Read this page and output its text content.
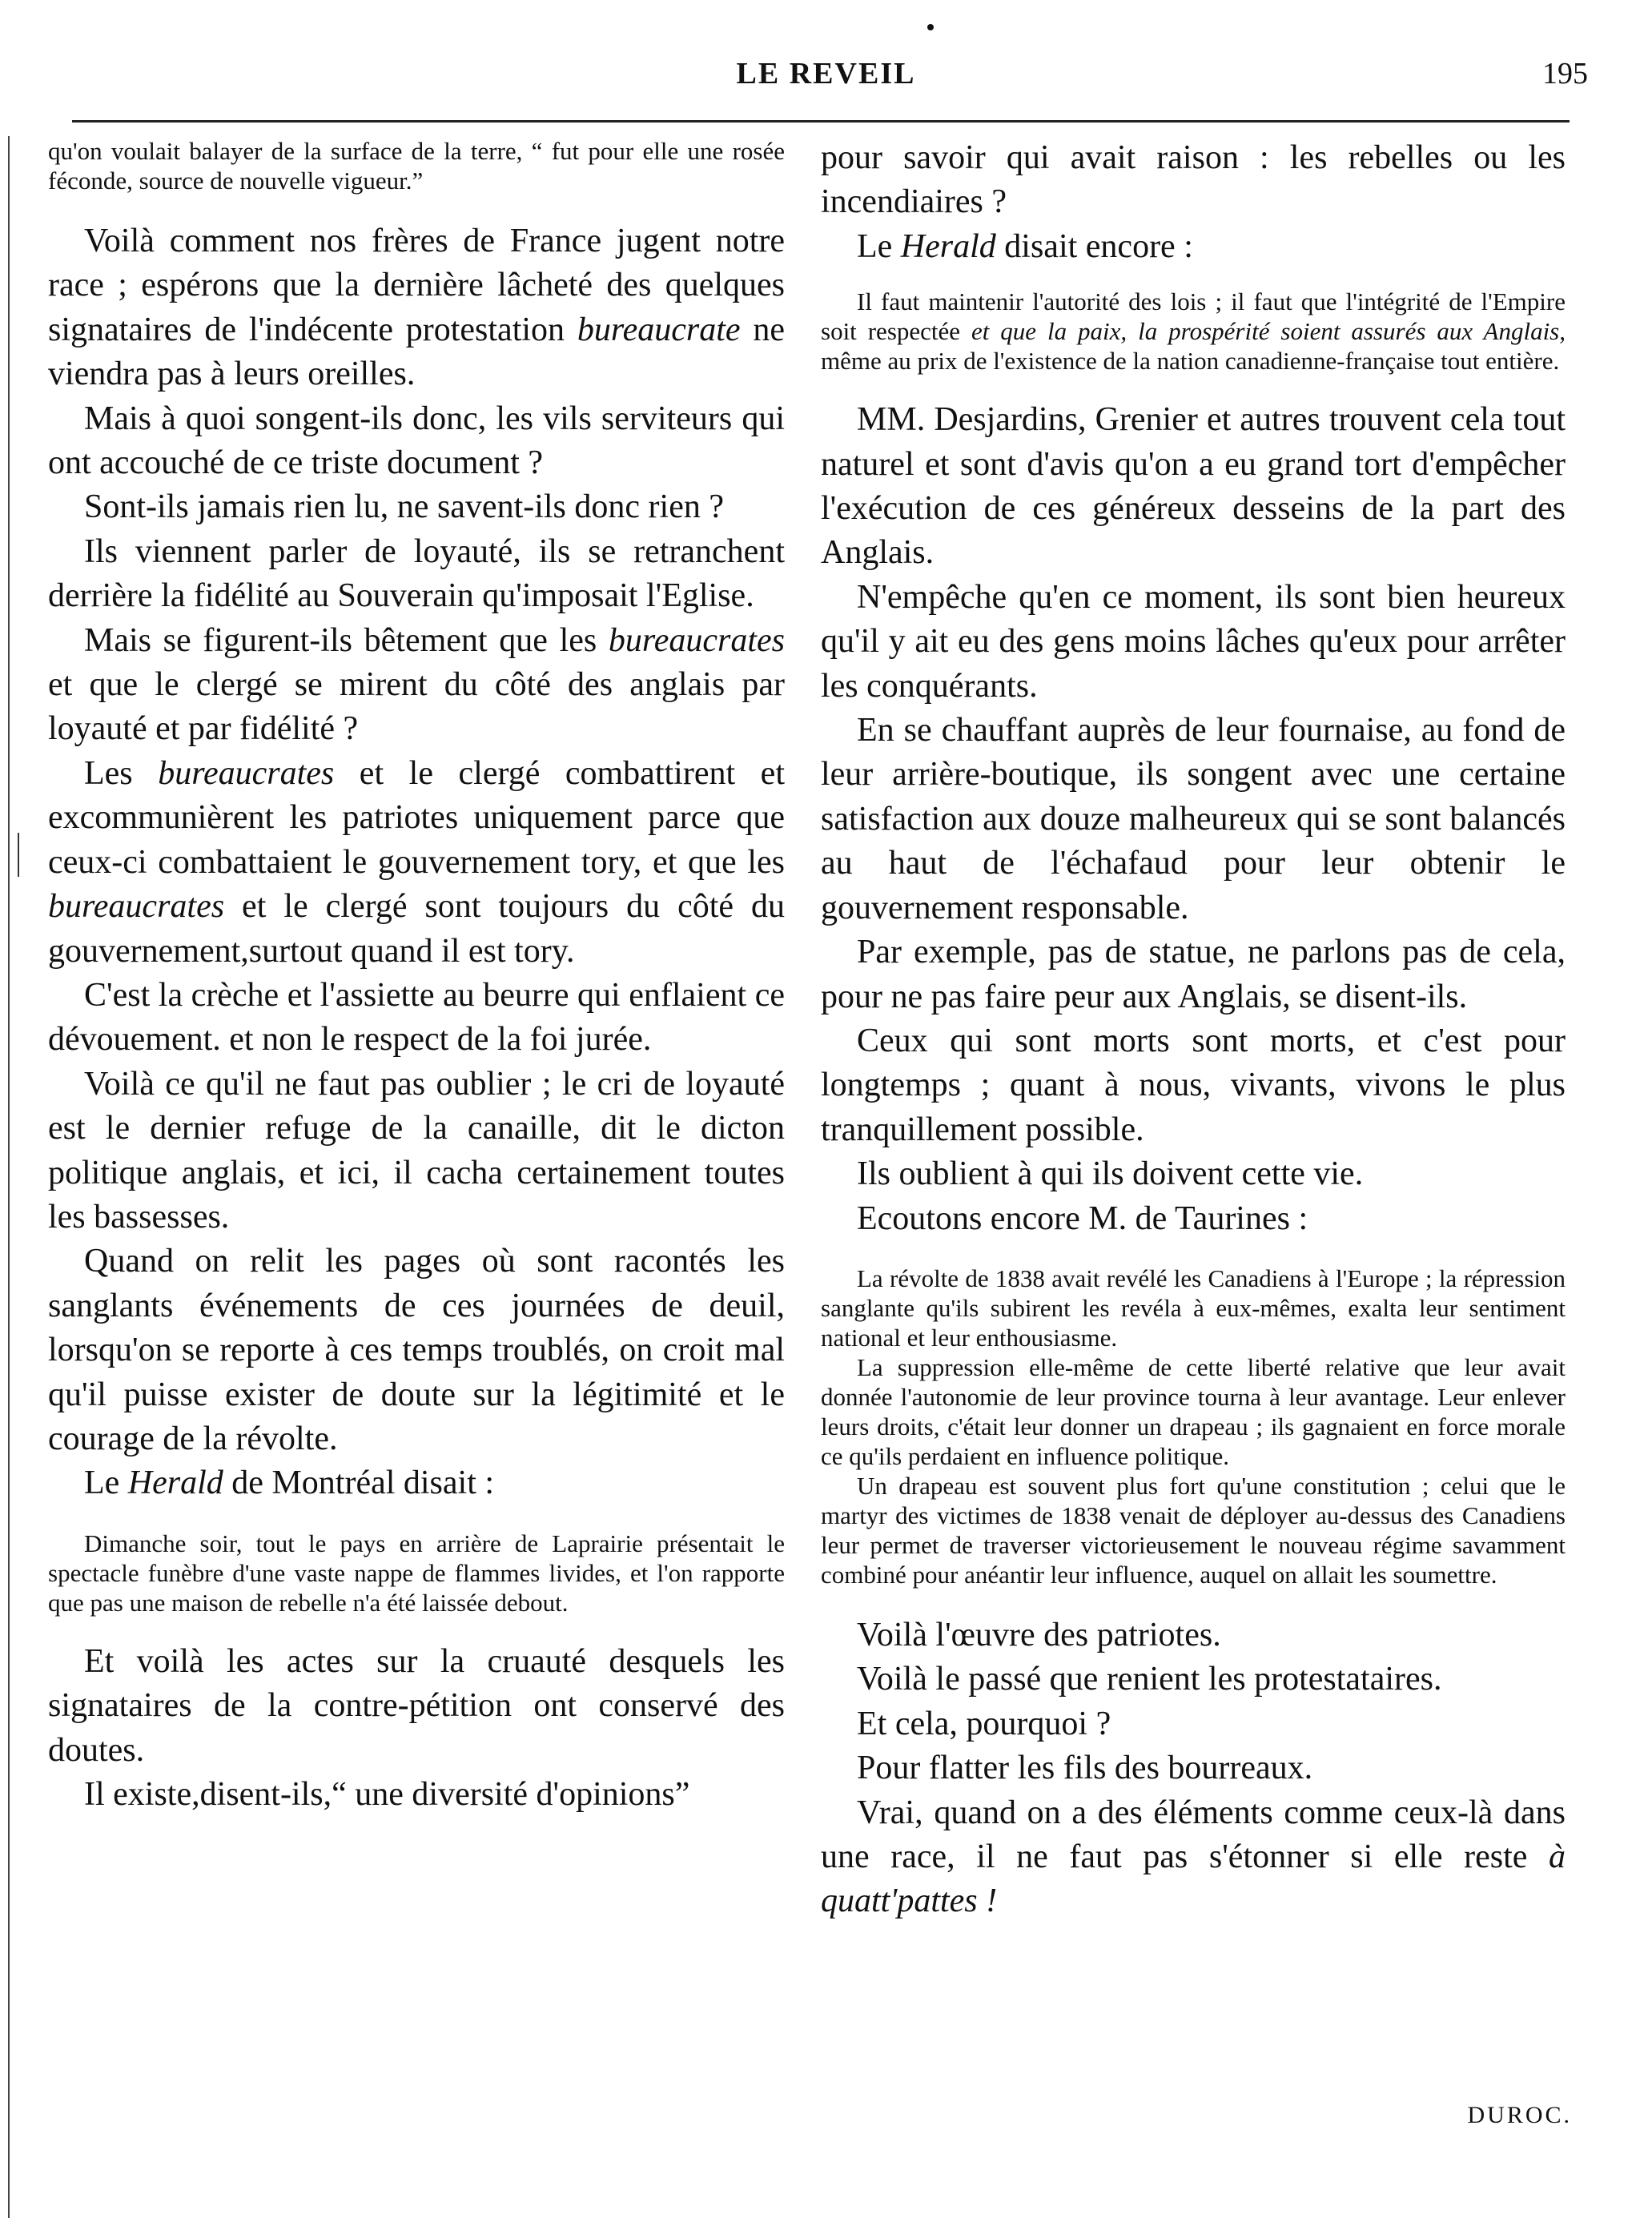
LE REVEIL	195

qu'on voulait balayer de la surface de la terre, “ fut pour elle une rosée féconde, source de nouvelle vigueur.”

Voilà comment nos frères de France jugent notre race ; espérons que la dernière lâcheté des quelques signataires de l'indécente protestation bureaucrate ne viendra pas à leurs oreilles.

Mais à quoi songent-ils donc, les vils serviteurs qui ont accouché de ce triste document ?

Sont-ils jamais rien lu, ne savent-ils donc rien ?

Ils viennent parler de loyauté, ils se retranchent derrière la fidélité au Souverain qu'imposait l'Eglise.

Mais se figurent-ils bêtement que les bureaucrates et que le clergé se mirent du côté des anglais par loyauté et par fidélité ?

Les bureaucrates et le clergé combattirent et excommunièrent les patriotes uniquement parce que ceux-ci combattaient le gouvernement tory, et que les bureaucrates et le clergé sont toujours du côté du gouvernement,surtout quand il est tory.

C'est la crèche et l'assiette au beurre qui enflaient ce dévouement. et non le respect de la foi jurée.

Voilà ce qu'il ne faut pas oublier ; le cri de loyauté est le dernier refuge de la canaille, dit le dicton politique anglais, et ici, il cacha certainement toutes les bassesses.

Quand on relit les pages où sont racontés les sanglants événements de ces journées de deuil, lorsqu'on se reporte à ces temps troublés, on croit mal qu'il puisse exister de doute sur la légitimité et le courage de la révolte.

Le Herald de Montréal disait :

Dimanche soir, tout le pays en arrière de Laprairie présentait le spectacle funèbre d'une vaste nappe de flammes livides, et l'on rapporte que pas une maison de rebelle n'a été laissée debout.

Et voilà les actes sur la cruauté desquels les signataires de la contre-pétition ont conservé des doutes.

Il existe,disent-ils,“ une diversité d'opinions”

pour savoir qui avait raison : les rebelles ou les incendiaires ?

Le Herald disait encore :

Il faut maintenir l'autorité des lois ; il faut que l'intégrité de l'Empire soit respectée et que la paix, la prospérité soient assurés aux Anglais, même au prix de l'existence de la nation canadienne-française tout entière.

MM. Desjardins, Grenier et autres trouvent cela tout naturel et sont d'avis qu'on a eu grand tort d'empêcher l'exécution de ces généreux desseins de la part des Anglais.

N'empêche qu'en ce moment, ils sont bien heureux qu'il y ait eu des gens moins lâches qu'eux pour arrêter les conquérants.

En se chauffant auprès de leur fournaise, au fond de leur arrière-boutique, ils songent avec une certaine satisfaction aux douze malheureux qui se sont balancés au haut de l'échafaud pour leur obtenir le gouvernement responsable.

Par exemple, pas de statue, ne parlons pas de cela, pour ne pas faire peur aux Anglais, se disent-ils.

Ceux qui sont morts sont morts, et c'est pour longtemps ; quant à nous, vivants, vivons le plus tranquillement possible.

Ils oublient à qui ils doivent cette vie.

Ecoutons encore M. de Taurines :

La révolte de 1838 avait revélé les Canadiens à l'Europe ; la répression sanglante qu'ils subirent les revéla à eux-mêmes, exalta leur sentiment national et leur enthousiasme.

La suppression elle-même de cette liberté relative que leur avait donnée l'autonomie de leur province tourna à leur avantage. Leur enlever leurs droits, c'était leur donner un drapeau ; ils gagnaient en force morale ce qu'ils perdaient en influence politique.

Un drapeau est souvent plus fort qu'une constitution ; celui que le martyr des victimes de 1838 venait de déployer au-dessus des Canadiens leur permet de traverser victorieusement le nouveau régime savamment combiné pour anéantir leur influence, auquel on allait les soumettre.

Voilà l'œuvre des patriotes.

Voilà le passé que renient les protestataires.

Et cela, pourquoi ?

Pour flatter les fils des bourreaux.

Vrai, quand on a des éléments comme ceux-là dans une race, il ne faut pas s'étonner si elle reste à quatt'pattes !

DUROC.
